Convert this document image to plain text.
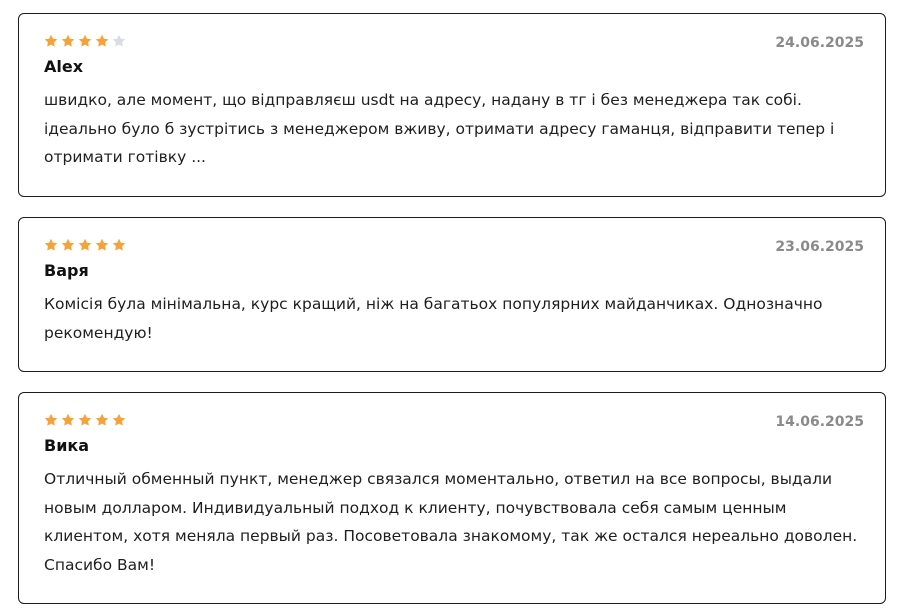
24.06.2025
Alex

швидко, але момент, що відправляєш usdt на адресу, надану в тг і без менеджера так собі. ідеально було б зустрітись з менеджером вживу, отримати адресу гаманця, відправити тепер і отримати готівку ...

23.06.2025
Варя

Комісія була мінімальна, курс кращий, ніж на багатьох популярних майданчиках. Однозначно рекомендую!

14.06.2025
Вика

Отличный обменный пункт, менеджер связался моментально, ответил на все вопросы, выдали новым долларом. Индивидуальный подход к клиенту, почувствовала себя самым ценным клиентом, хотя меняла первый раз. Посоветовала знакомому, так же остался нереально доволен. Спасибо Вам!
